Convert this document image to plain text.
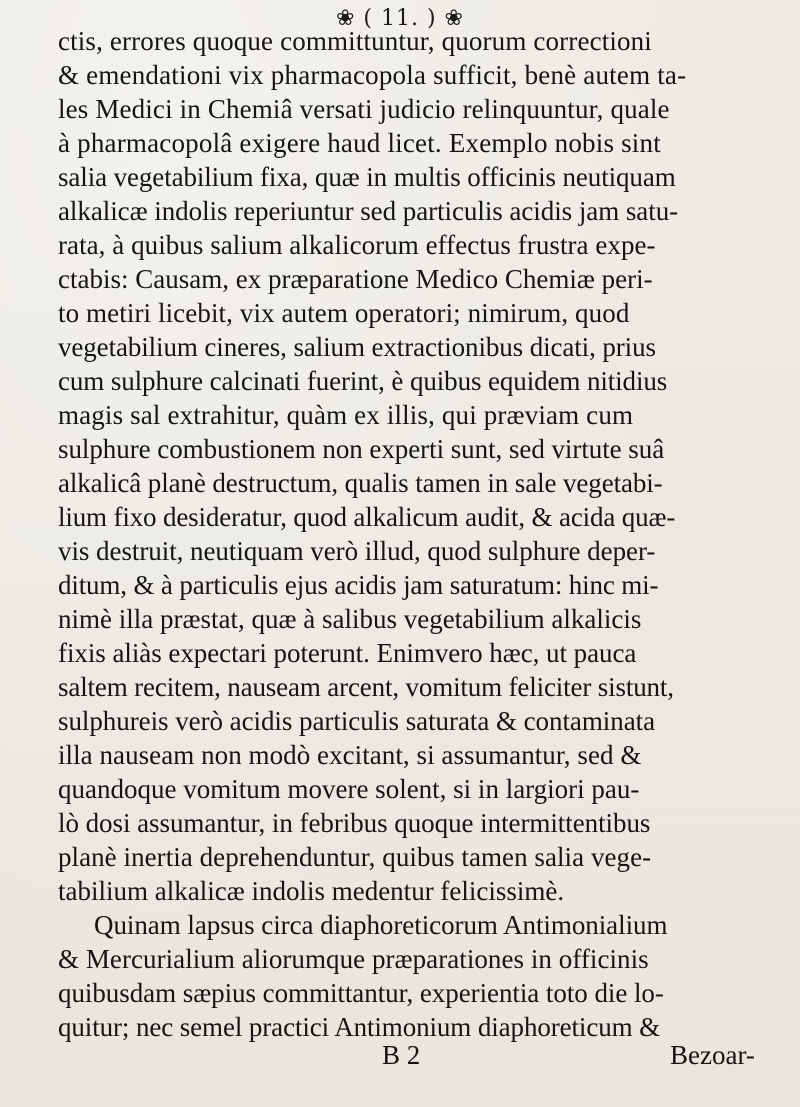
❀ ( 11. ) ❀
ctis, errores quoque committuntur, quorum correctioni
& emendationi vix pharmacopola sufficit, benè autem ta-
les Medici in Chemiâ versati judicio relinquuntur, quale
à pharmacopolâ exigere haud licet. Exemplo nobis sint
salia vegetabilium fixa, quæ in multis officinis neutiquam
alkalicæ indolis reperiuntur sed particulis acidis jam satu-
rata, à quibus salium alkalicorum effectus frustra expe-
ctabis: Causam, ex præparatione Medico Chemiæ peri-
to metiri licebit, vix autem operatori; nimirum, quod
vegetabilium cineres, salium extractionibus dicati, prius
cum sulphure calcinati fuerint, è quibus equidem nitidius
magis sal extrahitur, quàm ex illis, qui præviam cum
sulphure combustionem non experti sunt, sed virtute suâ
alkalicâ planè destructum, qualis tamen in sale vegetabi-
lium fixo desideratur, quod alkalicum audit, & acida quæ-
vis destruit, neutiquam verò illud, quod sulphure deper-
ditum, & à particulis ejus acidis jam saturatum: hinc mi-
nimè illa præstat, quæ à salibus vegetabilium alkalicis
fixis aliàs expectari poterunt. Enimvero hæc, ut pauca
saltem recitem, nauseam arcent, vomitum feliciter sistunt,
sulphureis verò acidis particulis saturata & contaminata
illa nauseam non modò excitant, si assumantur, sed &
quandoque vomitum movere solent, si in largiori pau-
lò dosi assumantur, in febribus quoque intermittentibus
planè inertia deprehenduntur, quibus tamen salia vege-
tabilium alkalicæ indolis medentur felicissimè.
Quinam lapsus circa diaphoreticorum Antimonialium
& Mercurialium aliorumque præparationes in officinis
quibusdam sæpius committantur, experientia toto die lo-
quitur; nec semel practici Antimonium diaphoreticum &
B 2	Bezoar-
